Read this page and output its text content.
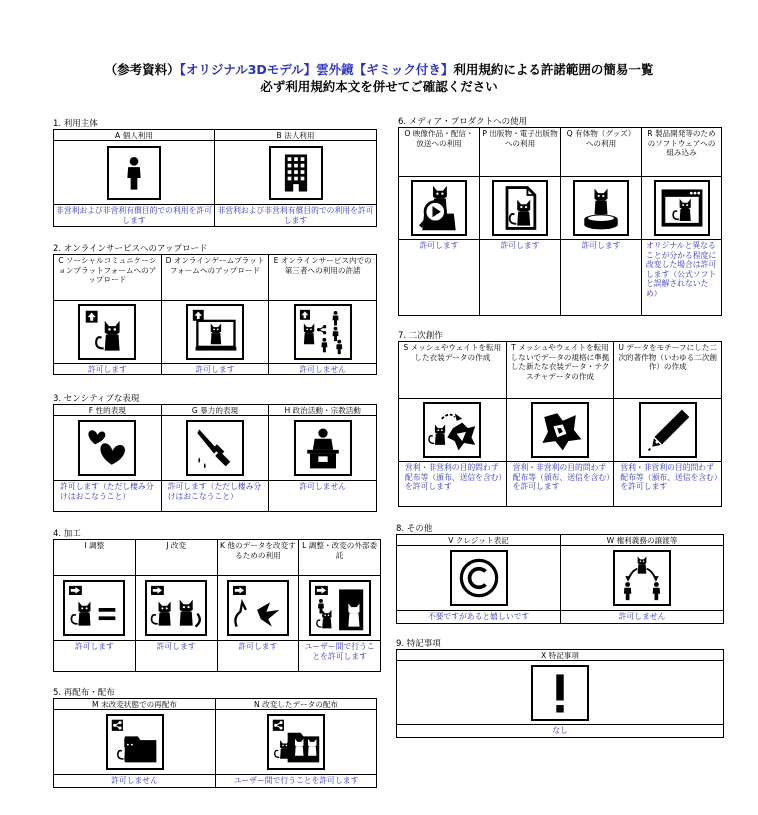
（参考資料）【オリジナル3Dモデル】雲外鏡【ギミック付き】利用規約による許諾範囲の簡易一覧
必ず利用規約本文を併せてご確認ください
1. 利用主体
A 個人利用
非営利および非営利有償目的での利用を許可します
B 法人利用
非営利および非営利有償目的での利用を許可します
2. オンラインサービスへのアップロード
C ソーシャルコミュニケーションプラットフォームへのアップロード
許可します
D オンラインゲームプラットフォームへのアップロード
許可します
E オンラインサービス内での第三者への利用の許諾
許可しません
3. センシティブな表現
F 性的表現
許可します（ただし棲み分けはおこなうこと）
G 暴力的表現
許可します（ただし棲み分けはおこなうこと）
H 政治活動・宗教活動
許可しません
4. 加工
I 調整
許可します
J 改変
許可します
K 他のデータを改変するための利用
許可します
L 調整・改変の外部委託
ユーザー間で行うことを許可します
5. 再配布・配布
M 未改変状態での再配布
許可しません
N 改変したデータの配布
ユーザー間で行うことを許可します
6. メディア・プロダクトへの使用
O 映像作品・配信・放送への利用
許可します
P 出版物・電子出版物への利用
許可します
Q 有体物（グッズ）への利用
許可します
R 製品開発等のためのソフトウェアへの組み込み
オリジナルと異なることが分かる程度に改変した場合は許可します（公式ソフトと誤解されないため）
7. 二次創作
S メッシュやウェイトを転用した衣装データの作成
営利・非営利の目的問わず配布等（頒布、送信を含む）を許可します
T メッシュやウェイトを転用しないでデータの規格に準拠した新たな衣装データ・テクスチャデータの作成
営利・非営利の目的問わず配布等（頒布、送信を含む）を許可します
U データをモチーフにした二次的著作物（いわゆる二次創作）の作成
営利・非営利の目的問わず配布等（頒布、送信を含む）を許可します
8. その他
V クレジット表記
不要ですがあると嬉しいです
W 権利義務の譲渡等
許可しません
9. 特記事項
X 特記事項
なし
